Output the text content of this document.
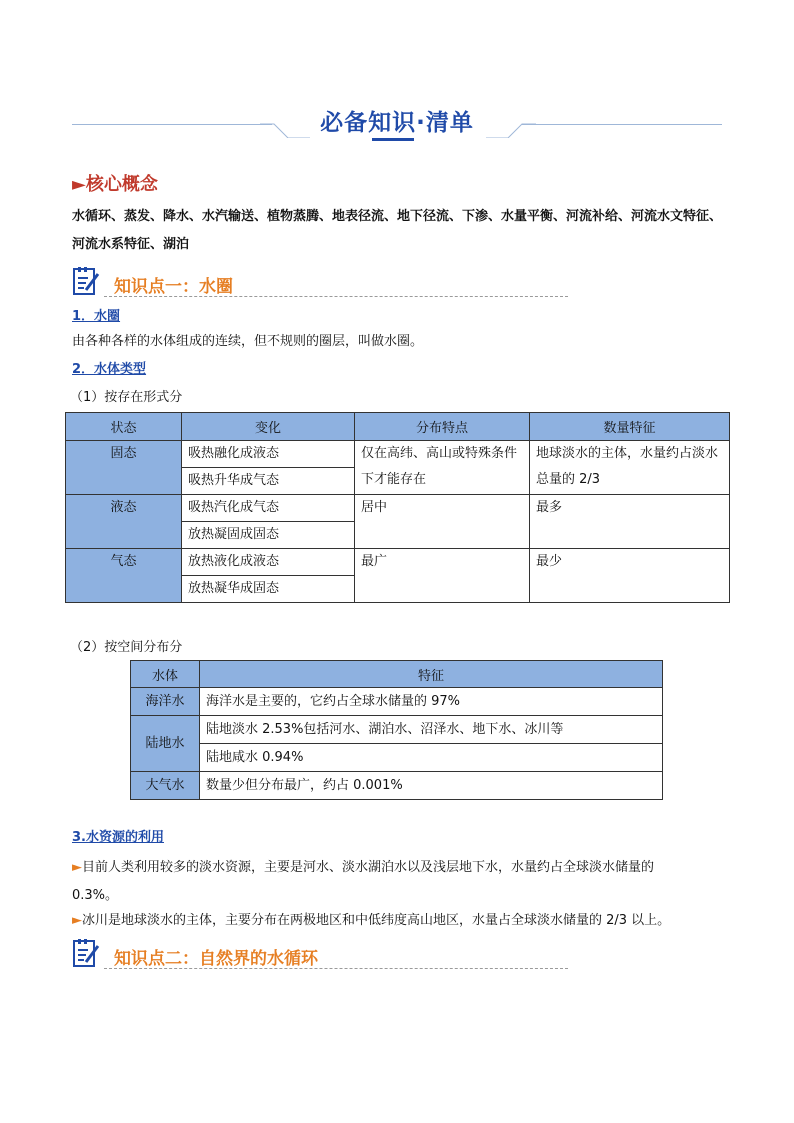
必备知识·清单
►核心概念
水循环、蒸发、降水、水汽输送、植物蒸腾、地表径流、地下径流、下渗、水量平衡、河流补给、河流水文特征、河流水系特征、湖泊
知识点一：水圈
1．水圈
由各种各样的水体组成的连续，但不规则的圈层，叫做水圈。
2．水体类型
（1）按存在形式分
状态	变化	分布特点	数量特征
固态	吸热融化成液态	仅在高纬、高山或特殊条件下才能存在	地球淡水的主体，水量约占淡水总量的 2/3
	吸热升华成气态		
液态	吸热汽化成气态	居中	最多
	放热凝固成固态		
气态	放热液化成液态	最广	最少
	放热凝华成固态		
（2）按空间分布分
水体	特征
海洋水	海洋水是主要的，它约占全球水储量的 97%
陆地水	陆地淡水 2.53%包括河水、湖泊水、沼泽水、地下水、冰川等
	陆地咸水 0.94%
大气水	数量少但分布最广，约占 0.001%
3.水资源的利用
►目前人类利用较多的淡水资源，主要是河水、淡水湖泊水以及浅层地下水，水量约占全球淡水储量的
0.3%。
►冰川是地球淡水的主体，主要分布在两极地区和中低纬度高山地区，水量占全球淡水储量的 2/3 以上。
知识点二：自然界的水循环
